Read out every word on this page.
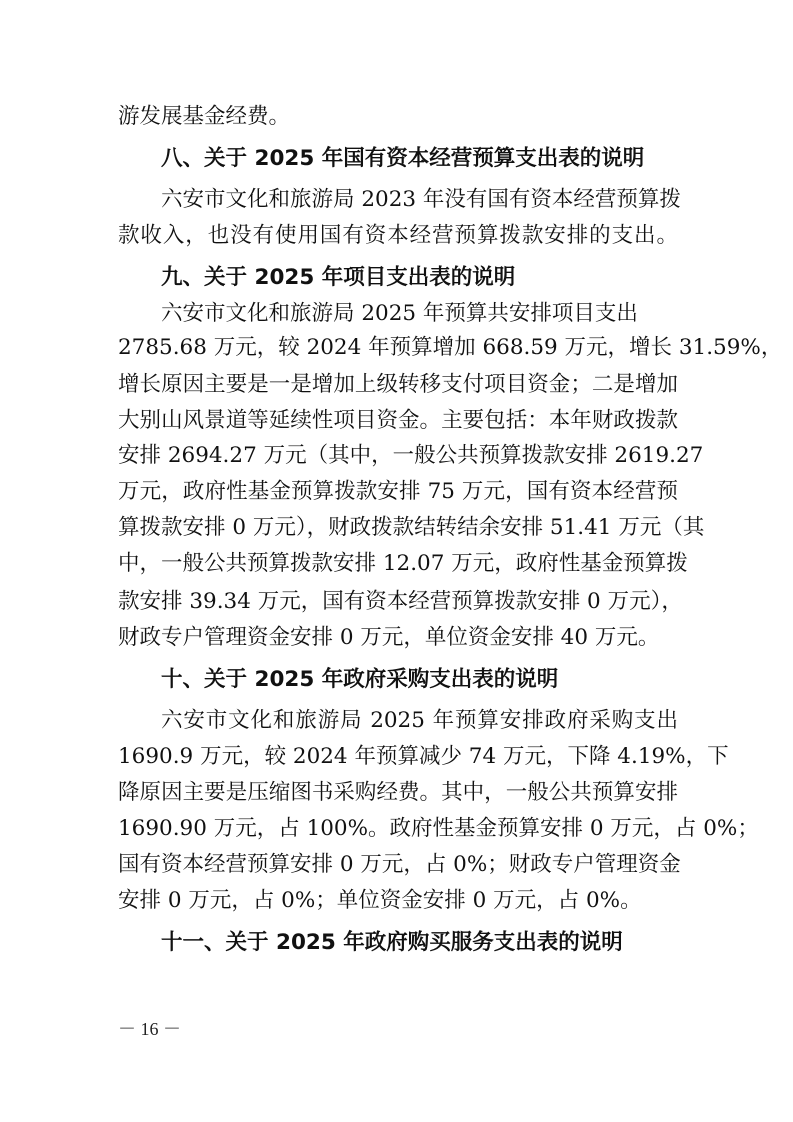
游发展基金经费。
八、关于 2025 年国有资本经营预算支出表的说明
六安市文化和旅游局 2023 年没有国有资本经营预算拨
款收入，也没有使用国有资本经营预算拨款安排的支出。
九、关于 2025 年项目支出表的说明
六安市文化和旅游局 2025 年预算共安排项目支出
2785.68 万元，较 2024 年预算增加 668.59 万元，增长 31.59%，
增长原因主要是一是增加上级转移支付项目资金；二是增加
大别山风景道等延续性项目资金。主要包括：本年财政拨款
安排 2694.27 万元（其中，一般公共预算拨款安排 2619.27
万元，政府性基金预算拨款安排 75 万元，国有资本经营预
算拨款安排 0 万元），财政拨款结转结余安排 51.41 万元（其
中，一般公共预算拨款安排 12.07 万元，政府性基金预算拨
款安排 39.34 万元，国有资本经营预算拨款安排 0 万元），
财政专户管理资金安排 0 万元，单位资金安排 40 万元。
十、关于 2025 年政府采购支出表的说明
六安市文化和旅游局 2025 年预算安排政府采购支出
1690.9 万元，较 2024 年预算减少 74 万元，下降 4.19%，下
降原因主要是压缩图书采购经费。其中，一般公共预算安排
1690.90 万元，占 100%。政府性基金预算安排 0 万元，占 0%；
国有资本经营预算安排 0 万元，占 0%；财政专户管理资金
安排 0 万元，占 0%；单位资金安排 0 万元，占 0%。
十一、关于 2025 年政府购买服务支出表的说明
－ 16 －
